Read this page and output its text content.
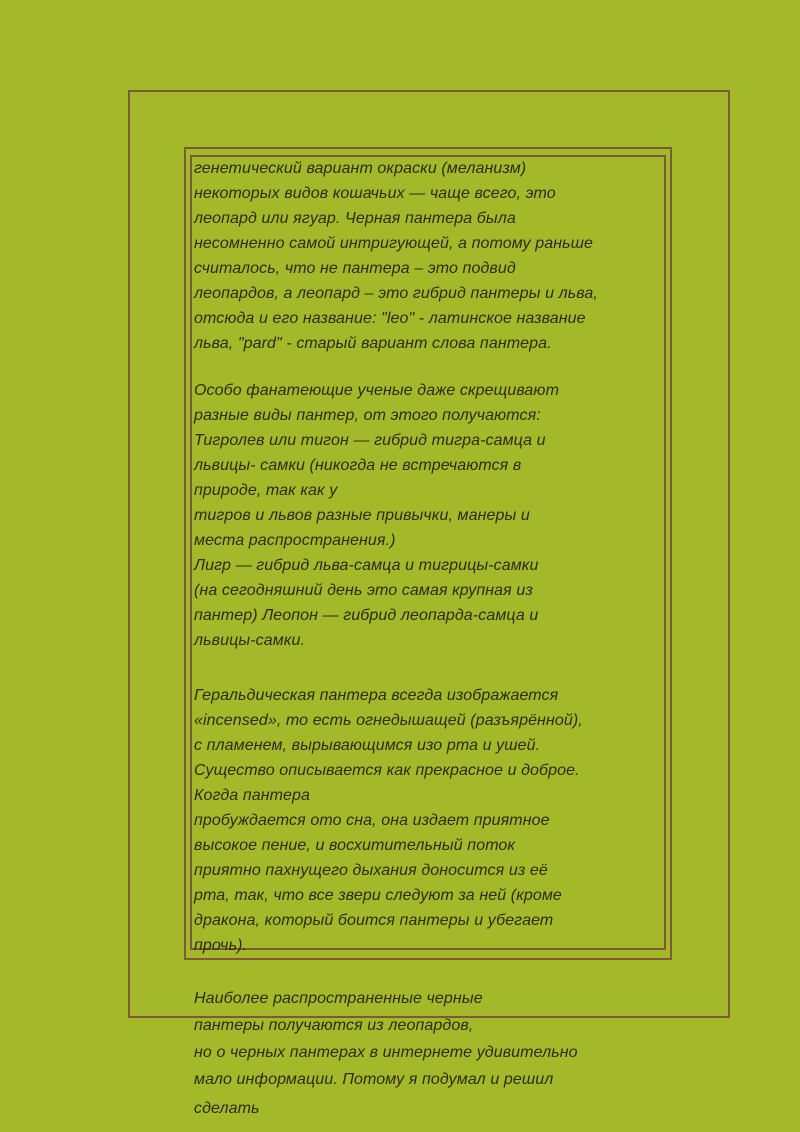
генетический вариант окраски (меланизм)
некоторых видов кошачьих — чаще всего, это
леопард или ягуар. Черная пантера была
несомненно самой интригующей, а потому раньше
считалось, что не пантера – это подвид
леопардов, а леопард – это гибрид пантеры и льва,
отсюда и его название: "leo" - латинское название
льва, "pard" - старый вариант слова пантера.
Особо фанатеющие ученые даже скрещивают
разные виды пантер, от этого получаются:
Тигролев или тигон — гибрид тигра-самца и
львицы- самки (никогда не встречаются в
природе, так как у
тигров и львов разные привычки, манеры и
места распространения.)
Лигр — гибрид льва-самца и тигрицы-самки
(на сегодняшний день это самая крупная из
пантер) Леопон — гибрид леопарда-самца и
львицы-самки.
Геральдическая пантера всегда изображается
«incensed», то есть огнедышащей (разъярённой),
с пламенем, вырывающимся изо рта и ушей.
Существо описывается как прекрасное и доброе.
Когда пантера
пробуждается ото сна, она издает приятное
высокое пение, и восхитительный поток
приятно пахнущего дыхания доносится из её
рта, так, что все звери следуют за ней (кроме
дракона, который боится пантеры и убегает
прочь).
Наиболее распространенные черные
пантеры получаются из леопардов,
но о черных пантерах в интернете удивительно
мало информации. Потому я подумал и решил
сделать
